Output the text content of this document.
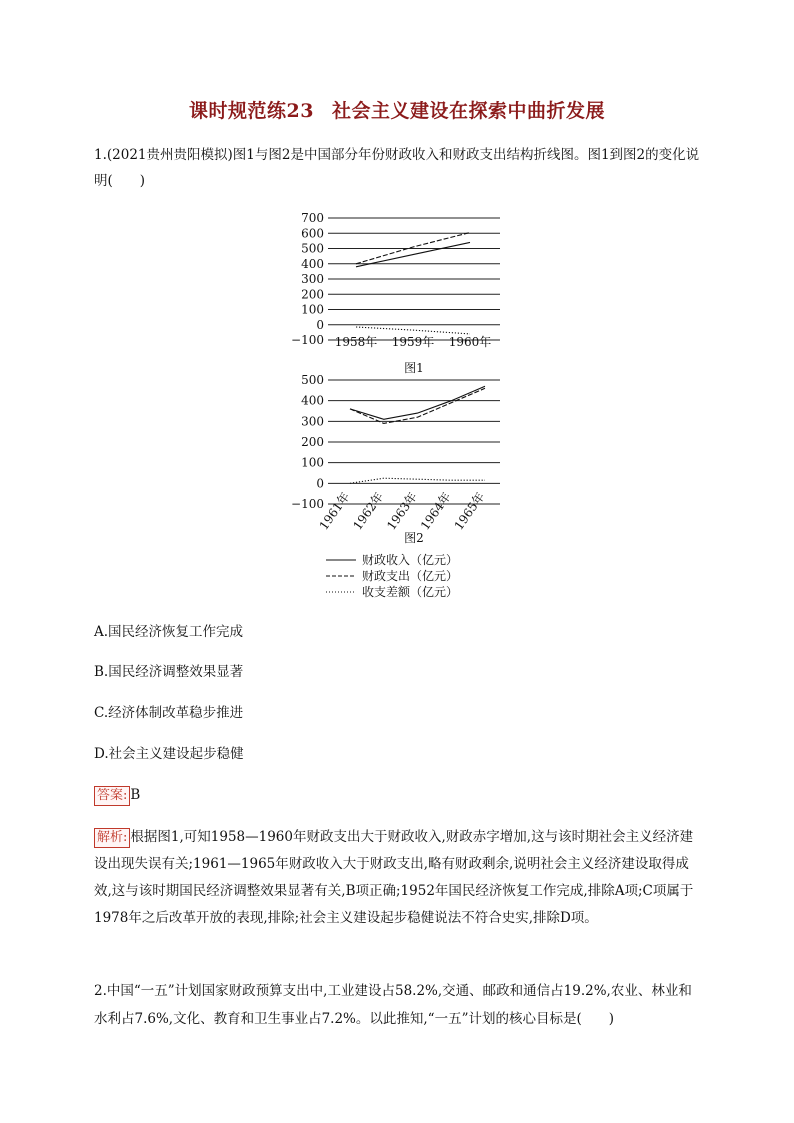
课时规范练23 社会主义建设在探索中曲折发展
1.(2021贵州贵阳模拟)图1与图2是中国部分年份财政收入和财政支出结构折线图。图1到图2的变化说明(　　)
700
600
500
400
300
200
100
0
−100 1958年 1959年 1960年
图1
500
400
300
200
100
0
−100
1961年
1962年
1963年
1964年
1965年
图2
财政收入（亿元）
财政支出（亿元）
收支差额（亿元）
A.国民经济恢复工作完成
B.国民经济调整效果显著
C.经济体制改革稳步推进
D.社会主义建设起步稳健
答案: B
解析: 根据图1,可知1958—1960年财政支出大于财政收入,财政赤字增加,这与该时期社会主义经济建设出现失误有关;1961—1965年财政收入大于财政支出,略有财政剩余,说明社会主义经济建设取得成效,这与该时期国民经济调整效果显著有关,B项正确;1952年国民经济恢复工作完成,排除A项;C项属于1978年之后改革开放的表现,排除;社会主义建设起步稳健说法不符合史实,排除D项。
2.中国“一五”计划国家财政预算支出中,工业建设占58.2%,交通、邮政和通信占19.2%,农业、林业和水利占7.6%,文化、教育和卫生事业占7.2%。以此推知,“一五”计划的核心目标是(　　)
